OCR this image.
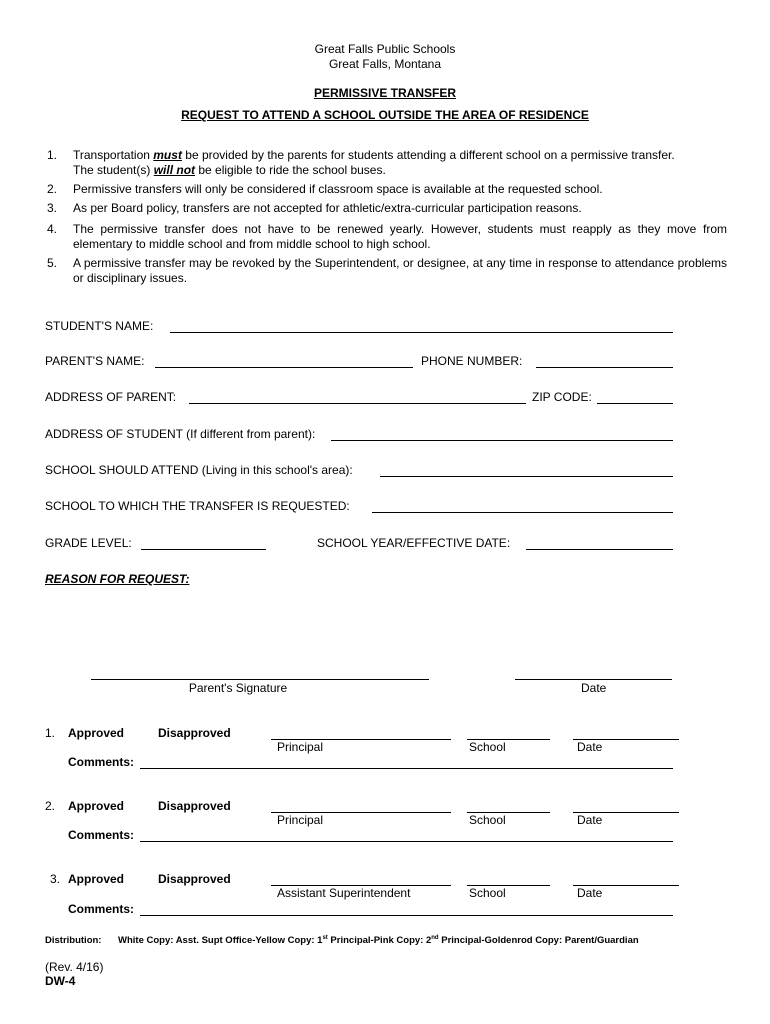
Great Falls Public Schools
Great Falls, Montana
PERMISSIVE TRANSFER
REQUEST TO ATTEND A SCHOOL OUTSIDE THE AREA OF RESIDENCE
1.	Transportation must be provided by the parents for students attending a different school on a permissive transfer.
The student(s) will not be eligible to ride the school buses.
2.	Permissive transfers will only be considered if classroom space is available at the requested school.
3.	As per Board policy, transfers are not accepted for athletic/extra-curricular participation reasons.
4.	The permissive transfer does not have to be renewed yearly. However, students must reapply as they move from elementary to middle school and from middle school to high school.
5.	A permissive transfer may be revoked by the Superintendent, or designee, at any time in response to attendance problems or disciplinary issues.
STUDENT'S NAME:
PARENT'S NAME:	PHONE NUMBER:
ADDRESS OF PARENT:	ZIP CODE:
ADDRESS OF STUDENT (If different from parent):
SCHOOL SHOULD ATTEND (Living in this school's area):
SCHOOL TO WHICH THE TRANSFER IS REQUESTED:
GRADE LEVEL:	SCHOOL YEAR/EFFECTIVE DATE:
REASON FOR REQUEST:
Parent's Signature	Date
1. Approved	Disapproved
Principal	School	Date
Comments:
2. Approved	Disapproved
Principal	School	Date
Comments:
3. Approved	Disapproved
Assistant Superintendent	School	Date
Comments:
Distribution: White Copy: Asst. Supt Office-Yellow Copy: 1st Principal-Pink Copy: 2nd Principal-Goldenrod Copy: Parent/Guardian
(Rev. 4/16)
DW-4
